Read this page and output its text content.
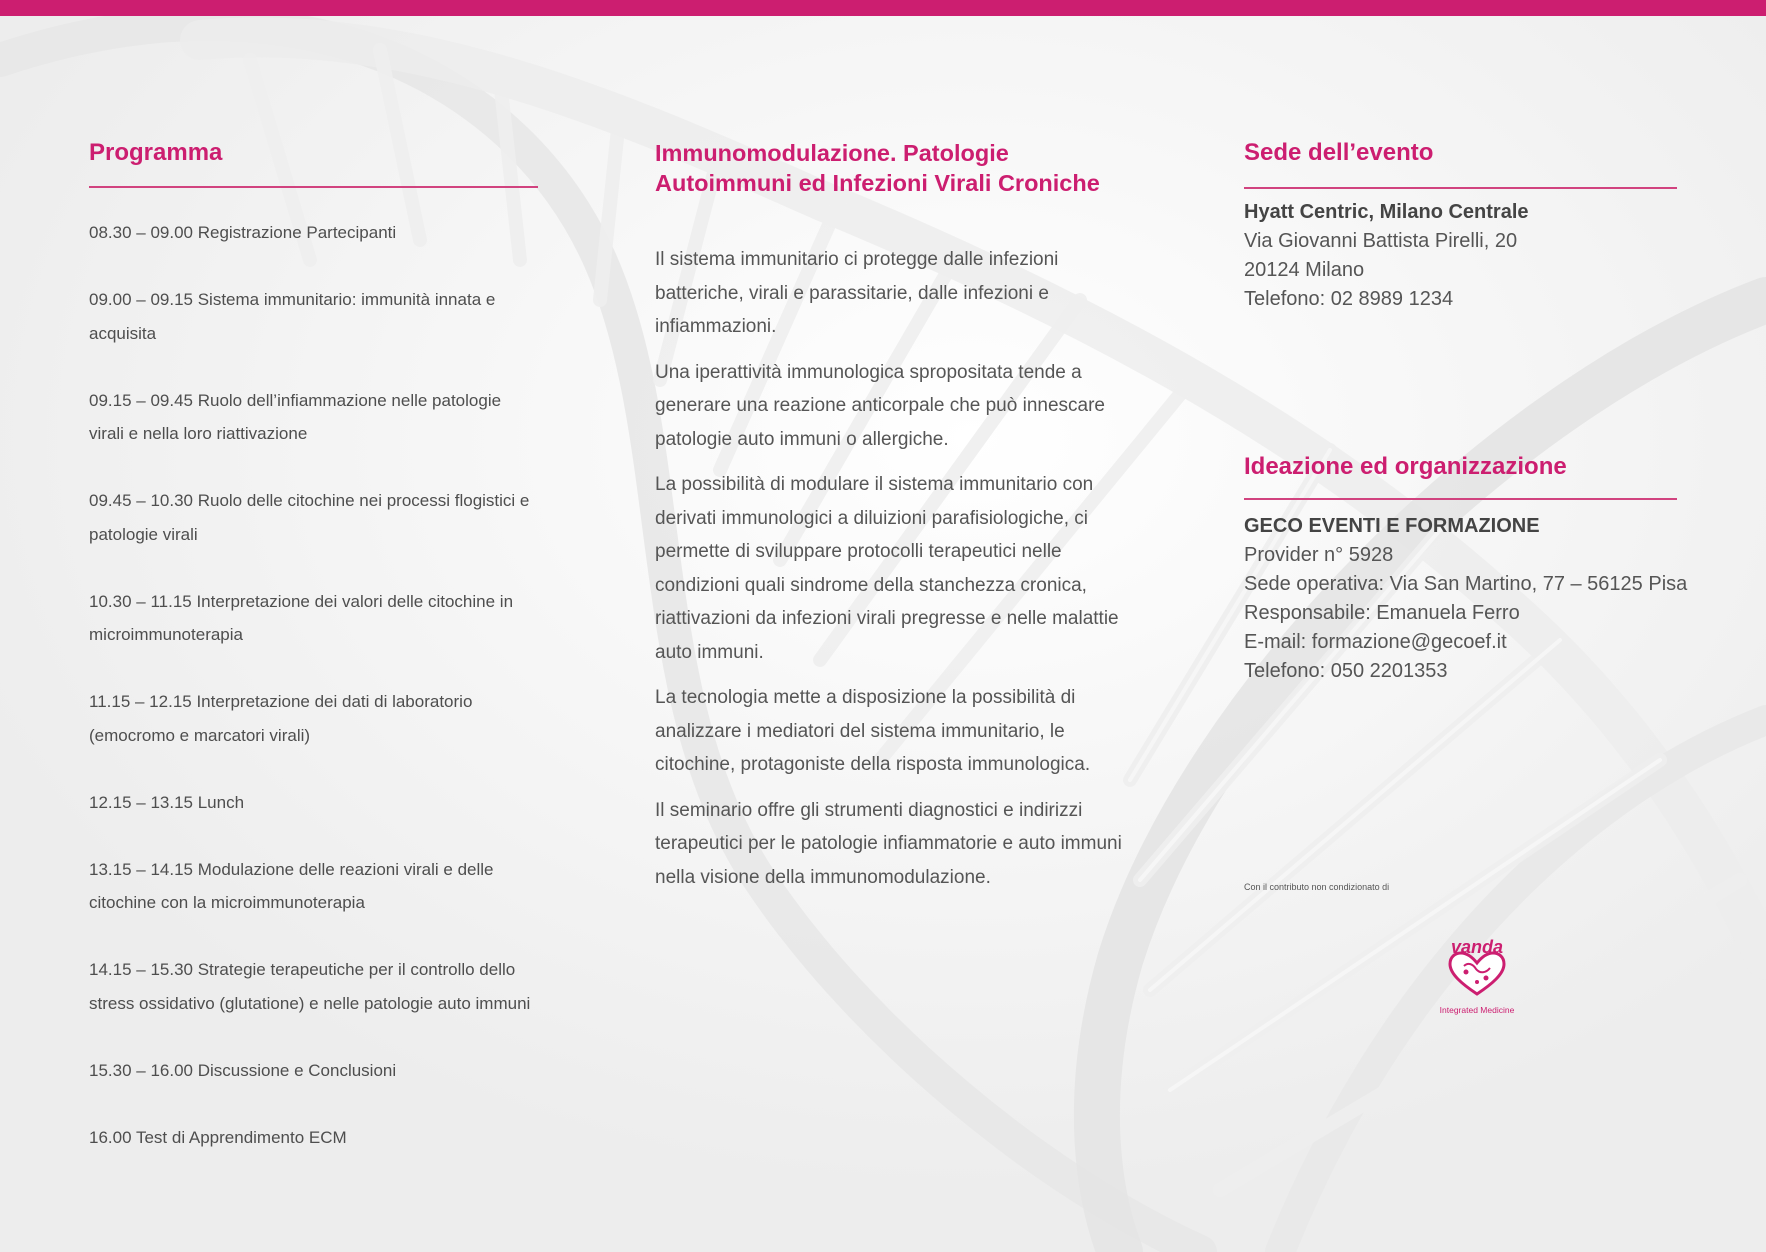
Programma
08.30 – 09.00 Registrazione Partecipanti
09.00 – 09.15 Sistema immunitario: immunità innata e acquisita
09.15 – 09.45 Ruolo dell’infiammazione nelle patologie virali e nella loro riattivazione
09.45 – 10.30 Ruolo delle citochine nei processi flogistici e patologie virali
10.30 – 11.15 Interpretazione dei valori delle citochine in microimmunoterapia
11.15 – 12.15 Interpretazione dei dati di laboratorio (emocromo e marcatori virali)
12.15 – 13.15 Lunch
13.15 – 14.15 Modulazione delle reazioni virali e delle citochine con la microimmunoterapia
14.15 – 15.30 Strategie terapeutiche per il controllo dello stress ossidativo (glutatione) e nelle patologie auto immuni
15.30 – 16.00 Discussione e Conclusioni
16.00 Test di Apprendimento ECM
Immunomodulazione. Patologie
Autoimmuni ed Infezioni Virali Croniche

Il sistema immunitario ci protegge dalle infezioni batteriche, virali e parassitarie, dalle infezioni e infiammazioni.

Una iperattività immunologica spropositata tende a generare una reazione anticorpale che può innescare patologie auto immuni o allergiche.

La possibilità di modulare il sistema immunitario con derivati immunologici a diluizioni parafisiologiche, ci permette di sviluppare protocolli terapeutici nelle condizioni quali sindrome della stanchezza cronica, riattivazioni da infezioni virali pregresse e nelle malattie auto immuni.

La tecnologia mette a disposizione la possibilità di analizzare i mediatori del sistema immunitario, le citochine, protagoniste della risposta immunologica.

Il seminario offre gli strumenti diagnostici e indirizzi terapeutici per le patologie infiammatorie e auto immuni nella visione della immunomodulazione.

Sede dell’evento
Hyatt Centric, Milano Centrale
Via Giovanni Battista Pirelli, 20
20124 Milano
Telefono: 02 8989 1234
Ideazione ed organizzazione
GECO EVENTI E FORMAZIONE
Provider n° 5928
Sede operativa: Via San Martino, 77 – 56125 Pisa
Responsabile: Emanuela Ferro
E-mail: formazione@gecoef.it
Telefono: 050 2201353
Con il contributo non condizionato di
vanda
Integrated Medicine
